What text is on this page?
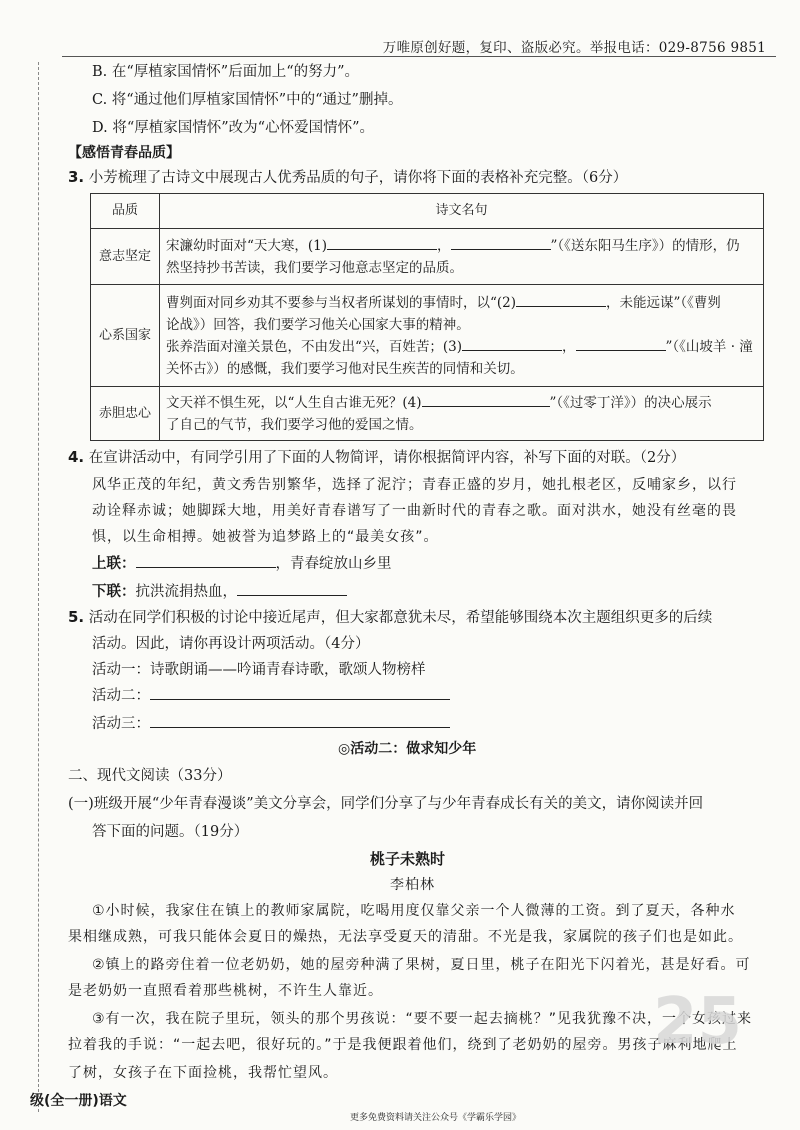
万唯原创好题，复印、盗版必究。举报电话：029-8756 9851
B. 在“厚植家国情怀”后面加上“的努力”。
C. 将“通过他们厚植家国情怀”中的“通过”删掉。
D. 将“厚植家国情怀”改为“心怀爱国情怀”。
【感悟青春品质】
3. 小芳梳理了古诗文中展现古人优秀品质的句子，请你将下面的表格补充完整。（6分）
品质	诗文名句
意志坚定	宋濂幼时面对“天大寒，(1) ， ”（《送东阳马生序》）的情形，仍
然坚持抄书苦读，我们要学习他意志坚定的品质。

心系国家	曹刿面对同乡劝其不要参与当权者所谋划的事情时，以“(2) ，未能远谋”（《曹刿
论战》）回答，我们要学习他关心国家大事的精神。
张养浩面对潼关景色，不由发出“兴，百姓苦；(3) ， ”（《山坡羊 · 潼
关怀古》）的感慨，我们要学习他对民生疾苦的同情和关切。

赤胆忠心	文天祥不惧生死，以“人生自古谁无死？(4) ”（《过零丁洋》）的决心展示
了自己的气节，我们要学习他的爱国之情。
4. 在宣讲活动中，有同学引用了下面的人物简评，请你根据简评内容，补写下面的对联。（2分）
风华正茂的年纪，黄文秀告别繁华，选择了泥泞；青春正盛的岁月，她扎根老区，反哺家乡，以行
动诠释赤诚；她脚踩大地，用美好青春谱写了一曲新时代的青春之歌。面对洪水，她没有丝毫的畏
惧，以生命相搏。她被誉为追梦路上的“最美女孩”。
上联：	，青春绽放山乡里
下联：抗洪流捐热血，
5. 活动在同学们积极的讨论中接近尾声，但大家都意犹未尽，希望能够围绕本次主题组织更多的后续
活动。因此，请你再设计两项活动。（4分）
活动一：诗歌朗诵——吟诵青春诗歌，歌颂人物榜样
活动二：
活动三：
◎活动二：做求知少年
二、现代文阅读（33分）
(一)班级开展“少年青春漫谈”美文分享会，同学们分享了与少年青春成长有关的美文，请你阅读并回
答下面的问题。（19分）
桃子未熟时
李柏林
①小时候，我家住在镇上的教师家属院，吃喝用度仅靠父亲一个人微薄的工资。到了夏天，各种水
果相继成熟，可我只能体会夏日的燥热，无法享受夏天的清甜。不光是我，家属院的孩子们也是如此。
②镇上的路旁住着一位老奶奶，她的屋旁种满了果树，夏日里，桃子在阳光下闪着光，甚是好看。可
是老奶奶一直照看着那些桃树，不许生人靠近。
③有一次，我在院子里玩，领头的那个男孩说：“要不要一起去摘桃？”见我犹豫不决，一个女孩过来
拉着我的手说：“一起去吧，很好玩的。”于是我便跟着他们，绕到了老奶奶的屋旁。男孩子麻利地爬上
了树，女孩子在下面捡桃，我帮忙望风。
25
级(全一册)语文
更多免费资料请关注公众号《学霸乐学园》
